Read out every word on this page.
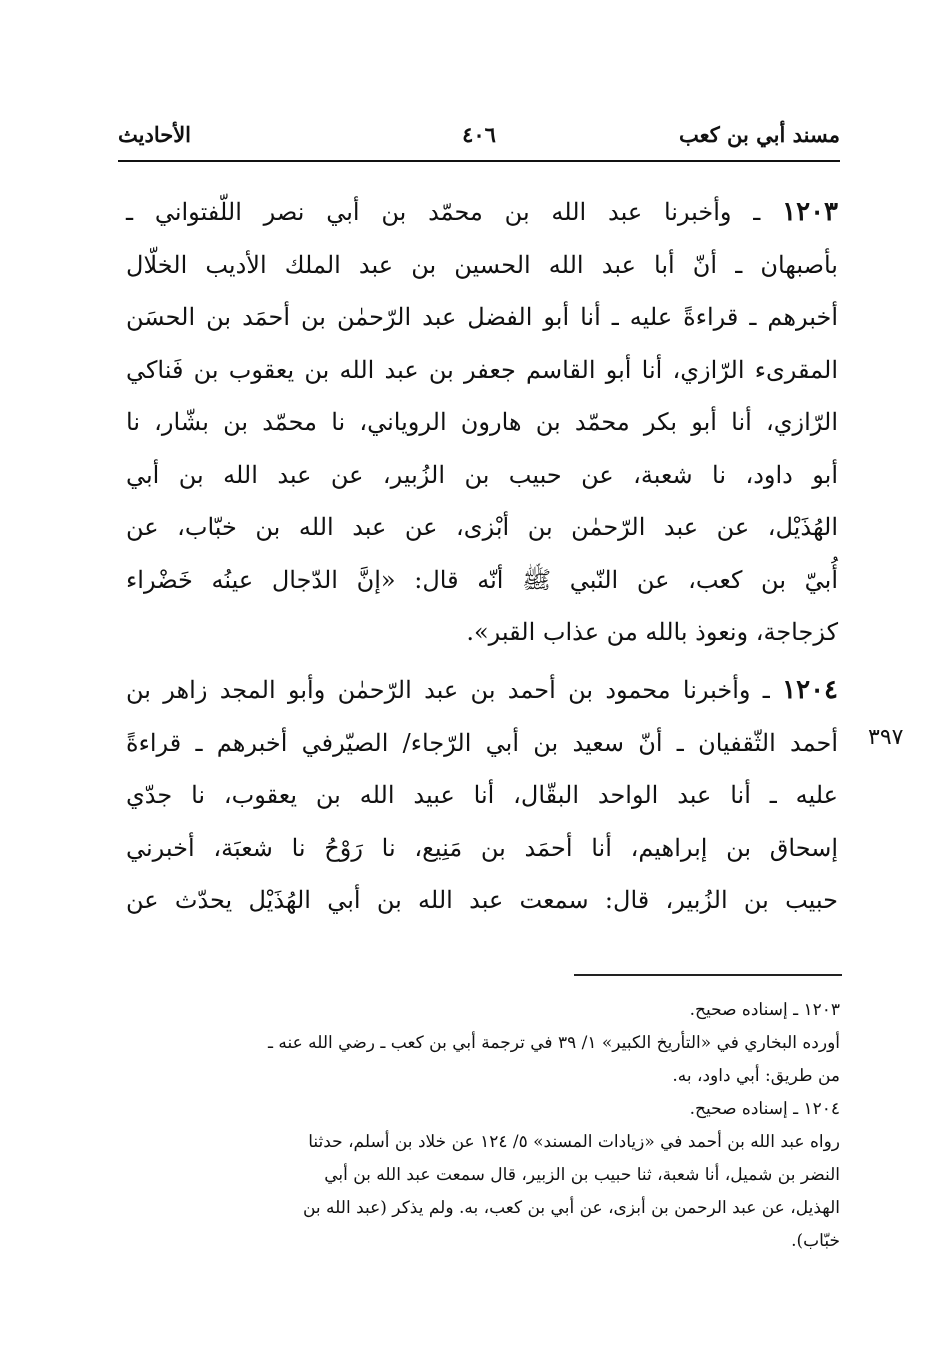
مسند أبي بن كعب
٤٠٦
الأحاديث
١٢٠٣ ـ وأخبرنا عبد الله بن محمّد بن أبي نصر اللّفتواني ـ
بأصبهان ـ أنّ أبا عبد الله الحسين بن عبد الملك الأديب الخلّال
أخبرهم ـ قراءةً عليه ـ أنا أبو الفضل عبد الرّحمٰن بن أحمَد بن الحسَن
المقرىء الرّازي، أنا أبو القاسم جعفر بن عبد الله بن يعقوب بن فَناكي
الرّازي، أنا أبو بكر محمّد بن هارون الروياني، نا محمّد بن بشّار، نا
أبو داود، نا شعبة، عن حبيب بن الزُبير، عن عبد الله بن أبي
الهُذَيْل، عن عبد الرّحمٰن بن أبْزى، عن عبد الله بن خبّاب، عن
أُبيّ بن كعب، عن النّبي ﷺ أنّه قال: «إنَّ الدّجال عينُه خَضْراء
كزجاجة، ونعوذ بالله من عذاب القبر».
١٢٠٤ ـ وأخبرنا محمود بن أحمد بن عبد الرّحمٰن وأبو المجد زاهر بن
أحمد الثّقفيان ـ أنّ سعيد بن أبي الرّجاء/ الصيّرفي أخبرهم ـ قراءةً
عليه ـ أنا عبد الواحد البقّال، أنا عبيد الله بن يعقوب، نا جدّي
إسحاق بن إبراهيم، أنا أحمَد بن مَنِيع، نا رَوْحُ نا شعبَة، أخبرني
حبيب بن الزُبير، قال: سمعت عبد الله بن أبي الهُذَيْل يحدّث عن
٣٩٧
١٢٠٣ ـ إسناده صحيح.
أورده البخاري في «التأريخ الكبير» ١/ ٣٩ في ترجمة أبي بن كعب ـ رضي الله عنه ـ
من طريق: أبي داود، به.
١٢٠٤ ـ إسناده صحيح.
رواه عبد الله بن أحمد في «زيادات المسند» ٥/ ١٢٤ عن خلاد بن أسلم، حدثنا
النضر بن شميل، أنا شعبة، ثنا حبيب بن الزبير، قال سمعت عبد الله بن أبي
الهذيل، عن عبد الرحمن بن أبزى، عن أبي بن كعب، به. ولم يذكر (عبد الله بن
خبّاب).
